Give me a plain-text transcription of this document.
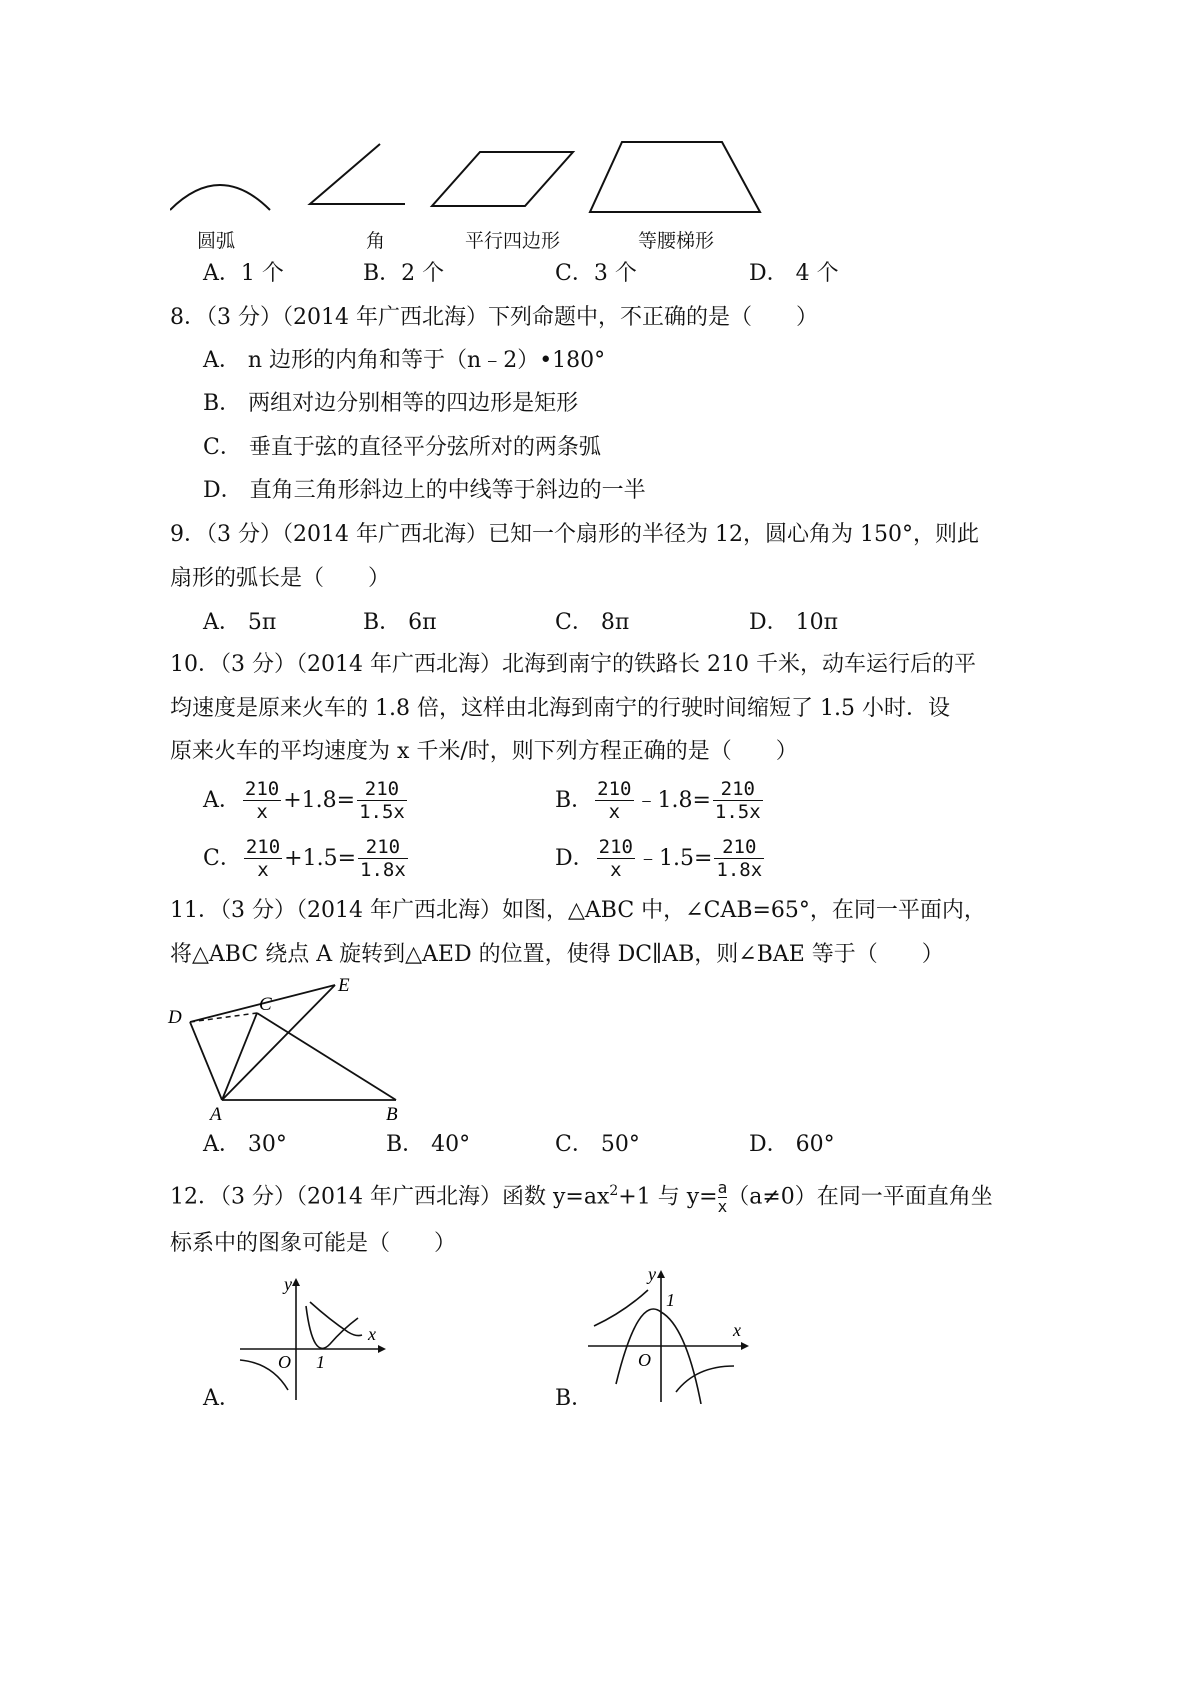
圆弧	角	平行四边形	等腰梯形
A．1 个	B．2 个	C．3 个	D． 4 个
8．（3 分）（2014 年广西北海）下列命题中，不正确的是（　　）
A． n 边形的内角和等于（n﹣2）•180°
B． 两组对边分别相等的四边形是矩形
C． 垂直于弦的直径平分弦所对的两条弧
D． 直角三角形斜边上的中线等于斜边的一半
9．（3 分）（2014 年广西北海）已知一个扇形的半径为 12，圆心角为 150°，则此
扇形的弧长是（　　）
A． 5π	B． 6π	C． 8π	D． 10π
10．（3 分）（2014 年广西北海）北海到南宁的铁路长 210 千米，动车运行后的平
均速度是原来火车的 1.8 倍，这样由北海到南宁的行驶时间缩短了 1.5 小时．设
原来火车的平均速度为 x 千米/时，则下列方程正确的是（　　）
A． $\frac{210}{x} +1.8= \frac{210}{1.5x}$	B． $\frac{210}{x}$ ﹣1.8= $\frac{210}{1.5x}$
C． $\frac{210}{x} +1.5= \frac{210}{1.8x}$	D． $\frac{210}{x}$ ﹣1.5= $\frac{210}{1.8x}$
11．（3 分）（2014 年广西北海）如图，△ABC 中，∠CAB=65°，在同一平面内，
将△ABC 绕点 A 旋转到△AED 的位置，使得 DC∥AB，则∠BAE 等于（　　）
D
C
E
A	B
A． 30°	B． 40°	C． 50°	D． 60°
12．（3 分）（2014 年广西北海）函数 $y=ax^2+1$ 与 $y= \frac{a}{x} (a\ne 0)$在同一平面直角坐
标系中的图象可能是（　　）
A．
y
x
O 1
B．
y
x
O
1
